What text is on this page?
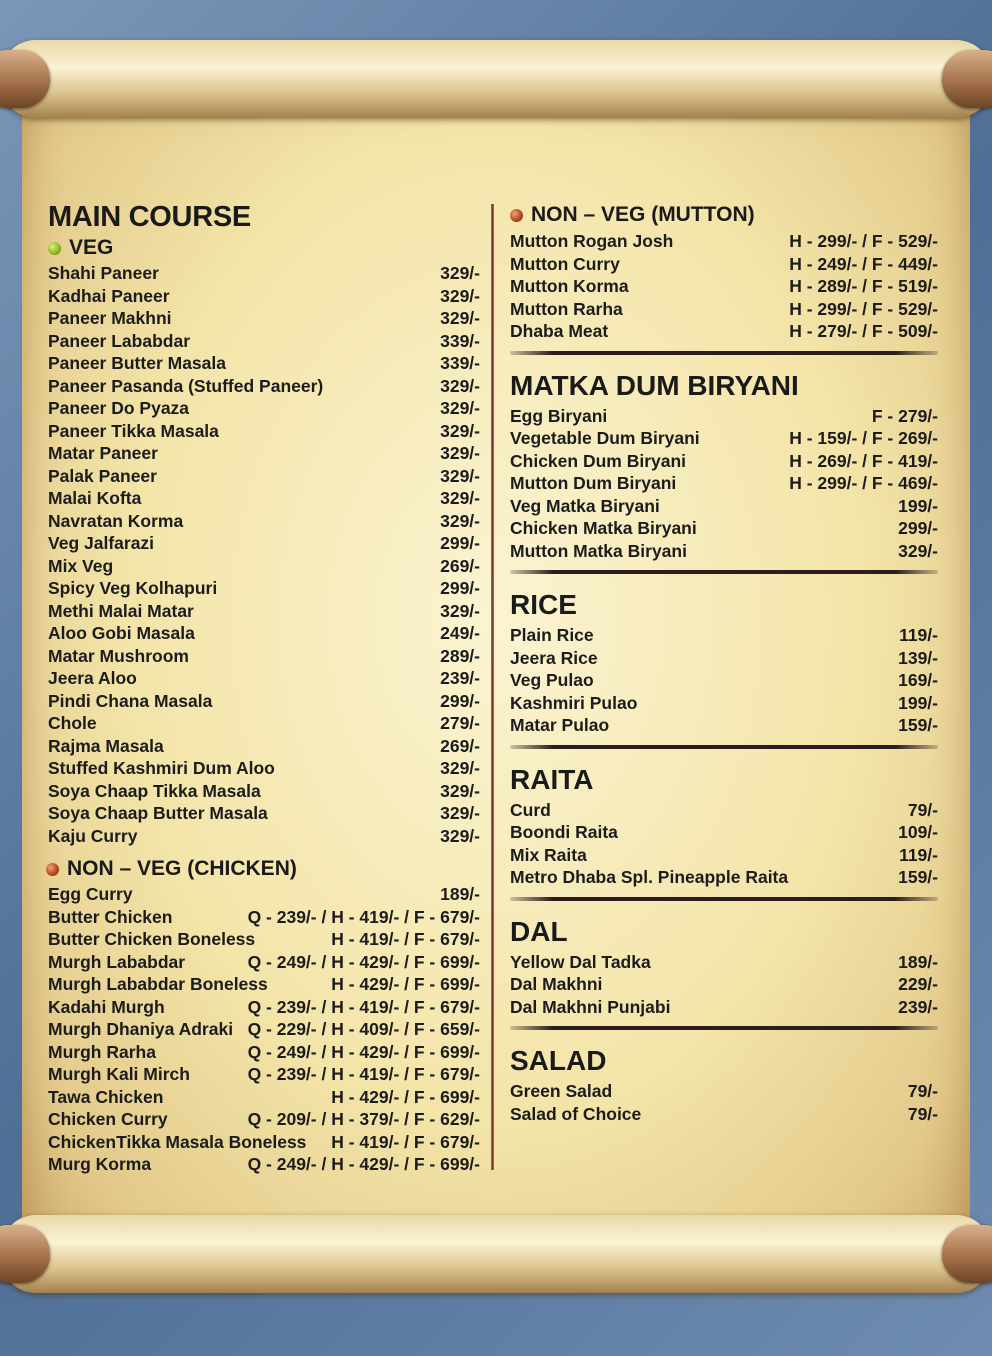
MAIN COURSE
VEG
Shahi Paneer	329/-
Kadhai Paneer	329/-
Paneer Makhni	329/-
Paneer Lababdar	339/-
Paneer Butter Masala	339/-
Paneer Pasanda (Stuffed Paneer)	329/-
Paneer Do Pyaza	329/-
Paneer Tikka Masala	329/-
Matar Paneer	329/-
Palak Paneer	329/-
Malai Kofta	329/-
Navratan Korma	329/-
Veg Jalfarazi	299/-
Mix Veg	269/-
Spicy Veg Kolhapuri	299/-
Methi Malai Matar	329/-
Aloo Gobi Masala	249/-
Matar Mushroom	289/-
Jeera Aloo	239/-
Pindi Chana Masala	299/-
Chole	279/-
Rajma Masala	269/-
Stuffed Kashmiri Dum Aloo	329/-
Soya Chaap Tikka Masala	329/-
Soya Chaap Butter Masala	329/-
Kaju Curry	329/-
NON – VEG (CHICKEN)
Egg Curry	189/-
Butter Chicken	Q - 239/- / H - 419/- / F - 679/-
Butter Chicken Boneless	H - 419/- / F - 679/-
Murgh Lababdar	Q - 249/- / H - 429/- / F - 699/-
Murgh Lababdar Boneless	H - 429/- / F - 699/-
Kadahi Murgh	Q - 239/- / H - 419/- / F - 679/-
Murgh Dhaniya Adraki Q - 229/- / H - 409/- / F - 659/-
Murgh Rarha	Q - 249/- / H - 429/- / F - 699/-
Murgh Kali Mirch	Q - 239/- / H - 419/- / F - 679/-
Tawa Chicken	H - 429/- / F - 699/-
Chicken Curry	Q - 209/- / H - 379/- / F - 629/-
ChickenTikka Masala Boneless H - 419/- / F - 679/-
Murg Korma	Q - 249/- / H - 429/- / F - 699/-
NON – VEG (MUTTON)
Mutton Rogan Josh	H - 299/- / F - 529/-
Mutton Curry	H - 249/- / F - 449/-
Mutton Korma	H - 289/- / F - 519/-
Mutton Rarha	H - 299/- / F - 529/-
Dhaba Meat	H - 279/- / F - 509/-
MATKA DUM BIRYANI
Egg Biryani	F - 279/-
Vegetable Dum Biryani	H - 159/- / F - 269/-
Chicken Dum Biryani	H - 269/- / F - 419/-
Mutton Dum Biryani	H - 299/- / F - 469/-
Veg Matka Biryani	199/-
Chicken Matka Biryani	299/-
Mutton Matka Biryani	329/-
RICE
Plain Rice	119/-
Jeera Rice	139/-
Veg Pulao	169/-
Kashmiri Pulao	199/-
Matar Pulao	159/-
RAITA
Curd	79/-
Boondi Raita	109/-
Mix Raita	119/-
Metro Dhaba Spl. Pineapple Raita	159/-
DAL
Yellow Dal Tadka	189/-
Dal Makhni	229/-
Dal Makhni Punjabi	239/-
SALAD
Green Salad	79/-
Salad of Choice	79/-
